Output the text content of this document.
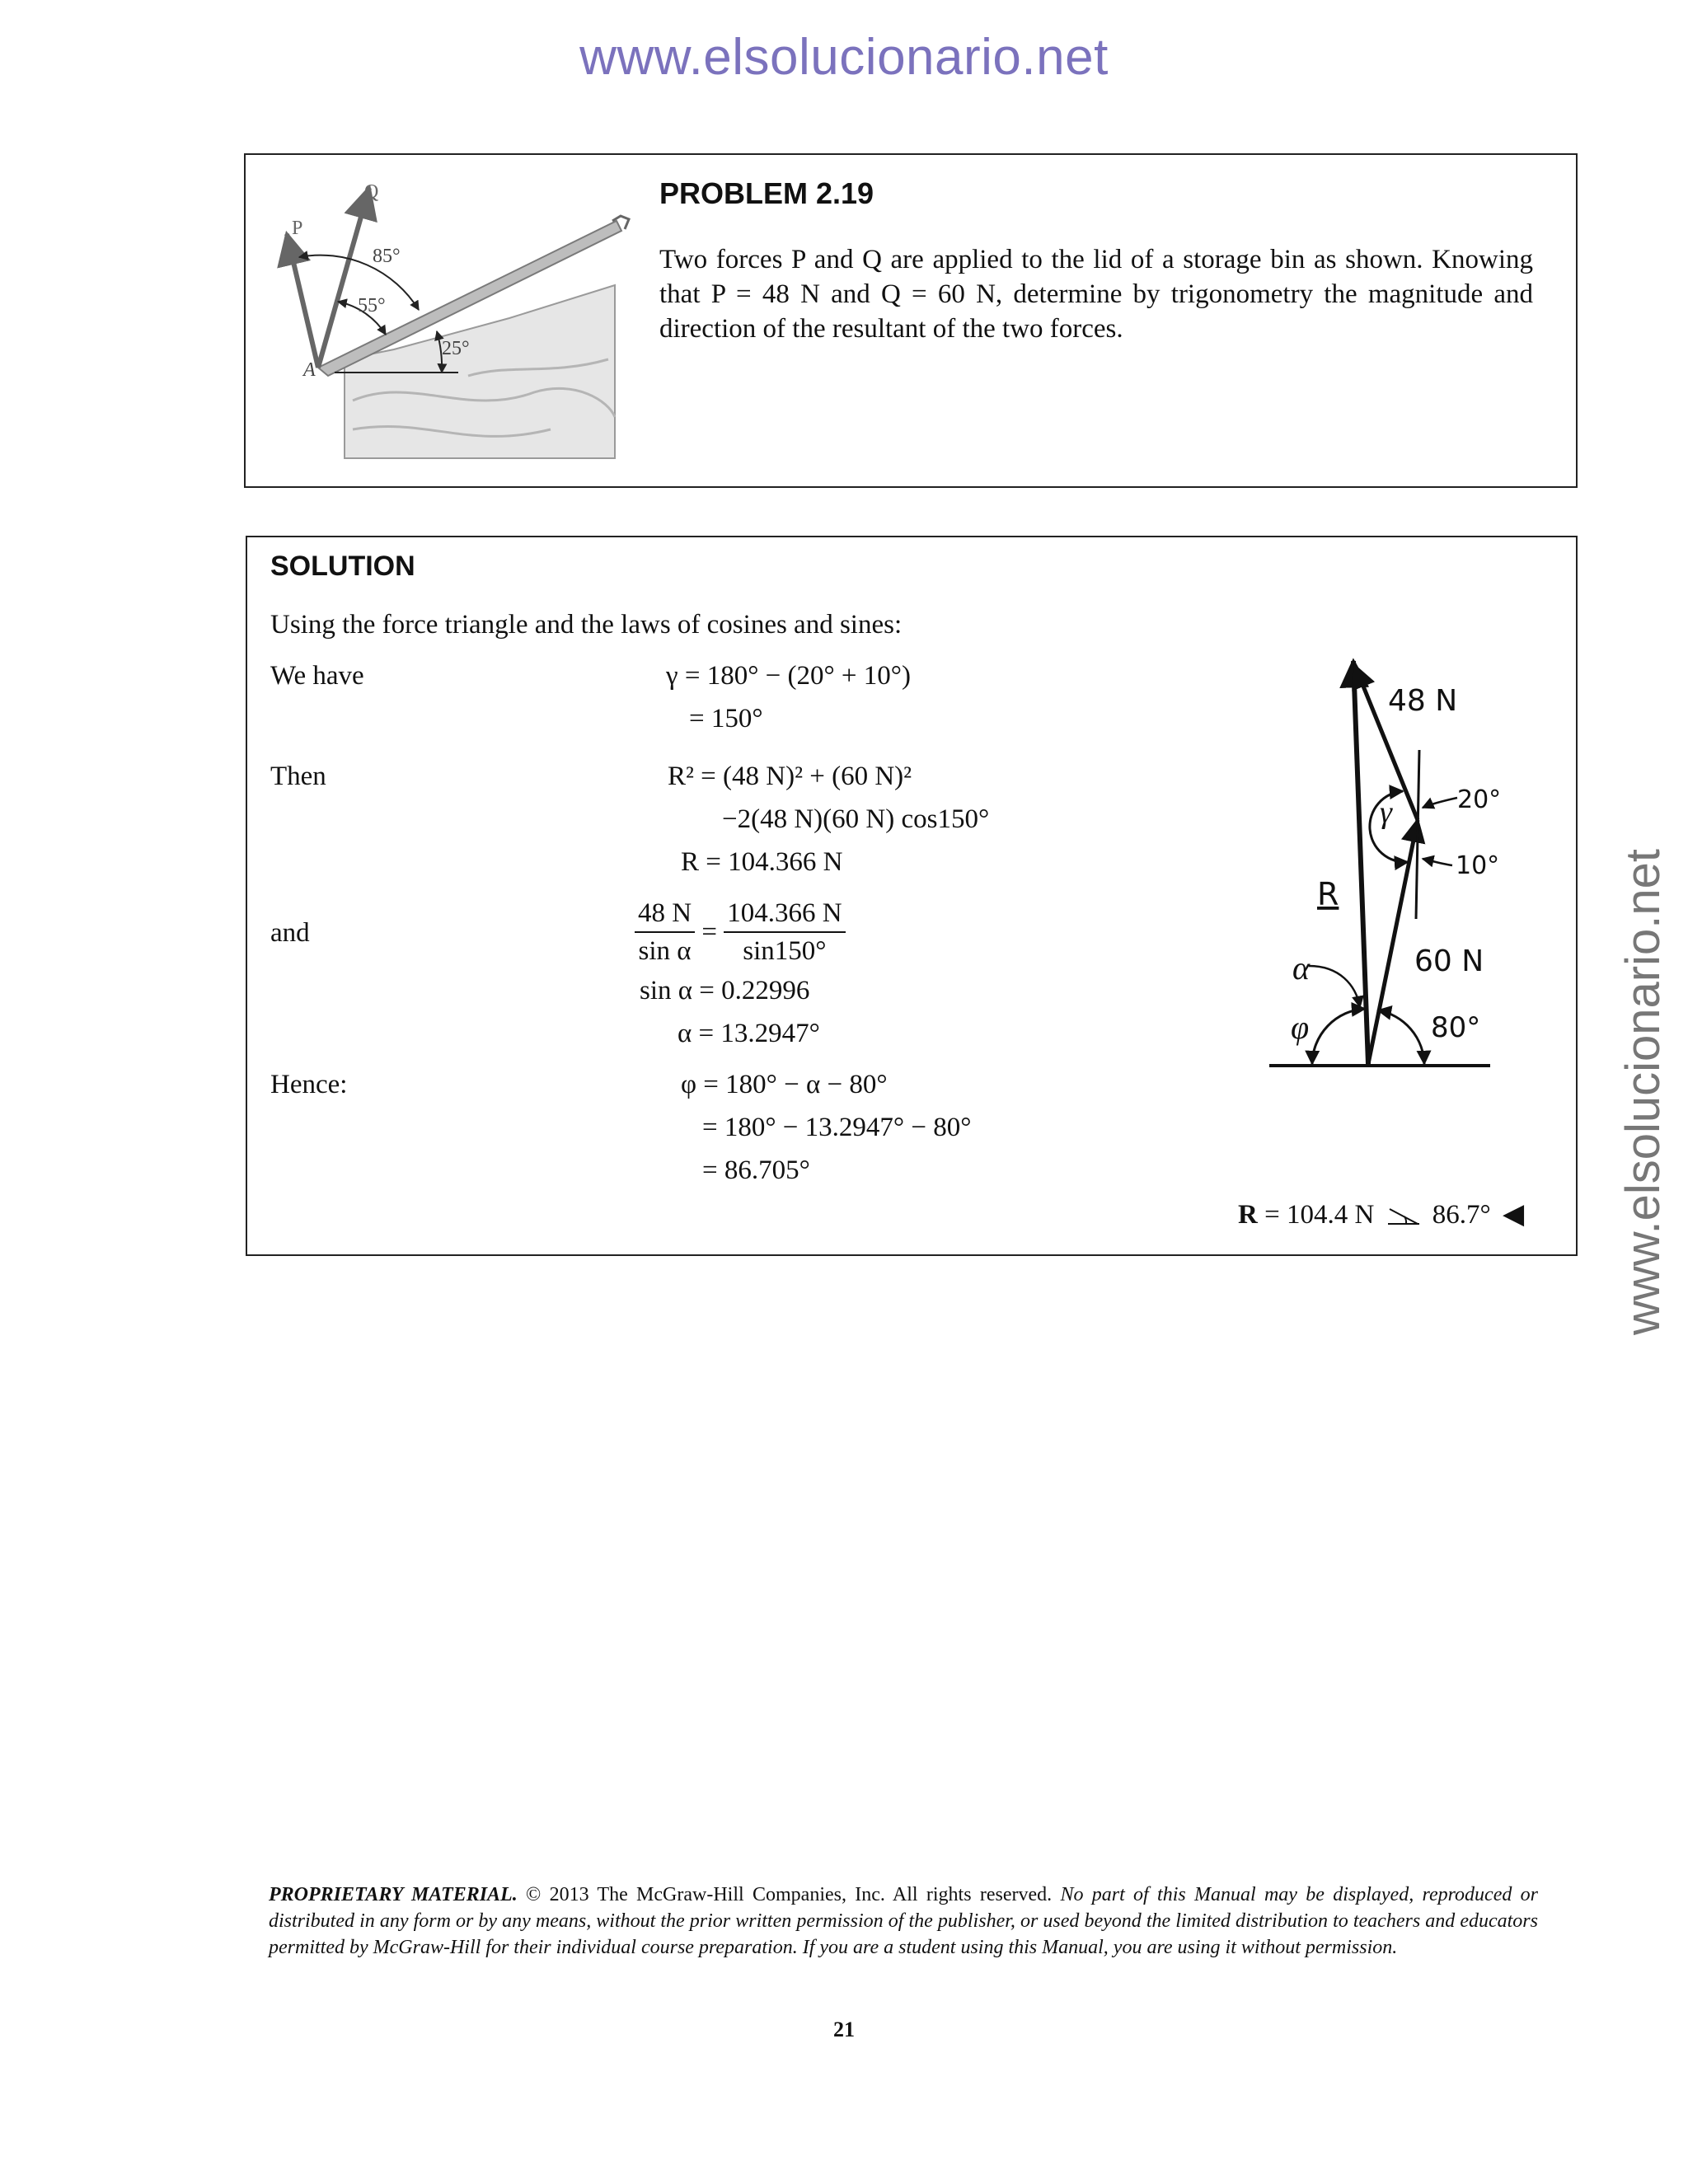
www.elsolucionario.net
www.elsolucionario.net
Q
P
A
85°
55°
25°
PROBLEM 2.19
Two forces P and Q are applied to the lid of a storage bin as shown. Knowing that P = 48 N and Q = 60 N, determine by trigonometry the magnitude and direction of the resultant of the two forces.
SOLUTION
Using the force triangle and the laws of cosines and sines:
We have	γ = 180° − (20° + 10°)
= 150°
Then	R² = (48 N)² + (60 N)²
−2(48 N)(60 N) cos150°
R = 104.366 N
and	$\frac{48 N}{\text{sin α}} = \frac{104.366 N}{\sin 150^\circ}$
sin α = 0.22996
α = 13.2947°
Hence:	φ = 180° − α − 80°
= 180° − 13.2947° − 80°
= 86.705°
R = 104.4 N 86.7° ◀
48 N
20°
γ
R
10°
60 N
α
φ	80°
PROPRIETARY MATERIAL. © 2013 The McGraw-Hill Companies, Inc. All rights reserved. No part of this Manual may be displayed, reproduced or distributed in any form or by any means, without the prior written permission of the publisher, or used beyond the limited distribution to teachers and educators permitted by McGraw-Hill for their individual course preparation. If you are a student using this Manual, you are using it without permission.
21
